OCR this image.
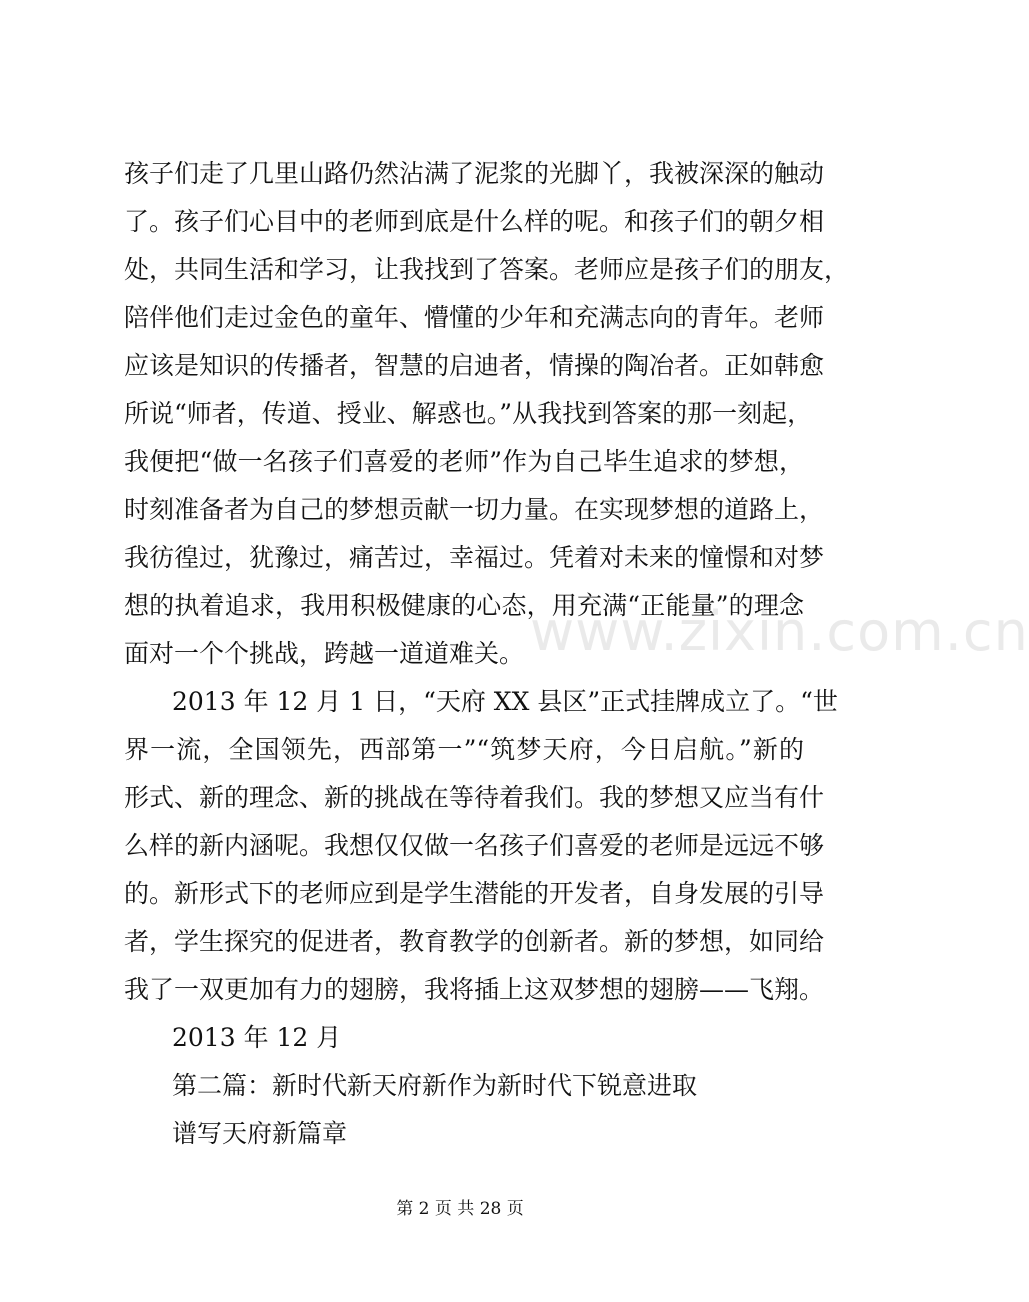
www.zixin.com.cn
孩子们走了几里山路仍然沾满了泥浆的光脚丫，我被深深的触动
了。孩子们心目中的老师到底是什么样的呢。和孩子们的朝夕相
处，共同生活和学习，让我找到了答案。老师应是孩子们的朋友，
陪伴他们走过金色的童年、懵懂的少年和充满志向的青年。老师
应该是知识的传播者，智慧的启迪者，情操的陶冶者。正如韩愈
所说“师者，传道、授业、解惑也。”从我找到答案的那一刻起，
我便把“做一名孩子们喜爱的老师”作为自己毕生追求的梦想，
时刻准备者为自己的梦想贡献一切力量。在实现梦想的道路上，
我彷徨过，犹豫过，痛苦过，幸福过。凭着对未来的憧憬和对梦
想的执着追求，我用积极健康的心态，用充满“正能量”的理念
面对一个个挑战，跨越一道道难关。
2013 年 12 月 1 日，“天府 XX 县区”正式挂牌成立了。“世
界一流，全国领先，西部第一”“筑梦天府，今日启航。”新的
形式、新的理念、新的挑战在等待着我们。我的梦想又应当有什
么样的新内涵呢。我想仅仅做一名孩子们喜爱的老师是远远不够
的。新形式下的老师应到是学生潜能的开发者，自身发展的引导
者，学生探究的促进者，教育教学的创新者。新的梦想，如同给
我了一双更加有力的翅膀，我将插上这双梦想的翅膀——飞翔。
2013 年 12 月
第二篇：新时代新天府新作为新时代下锐意进取
谱写天府新篇章
第 2 页 共 28 页
